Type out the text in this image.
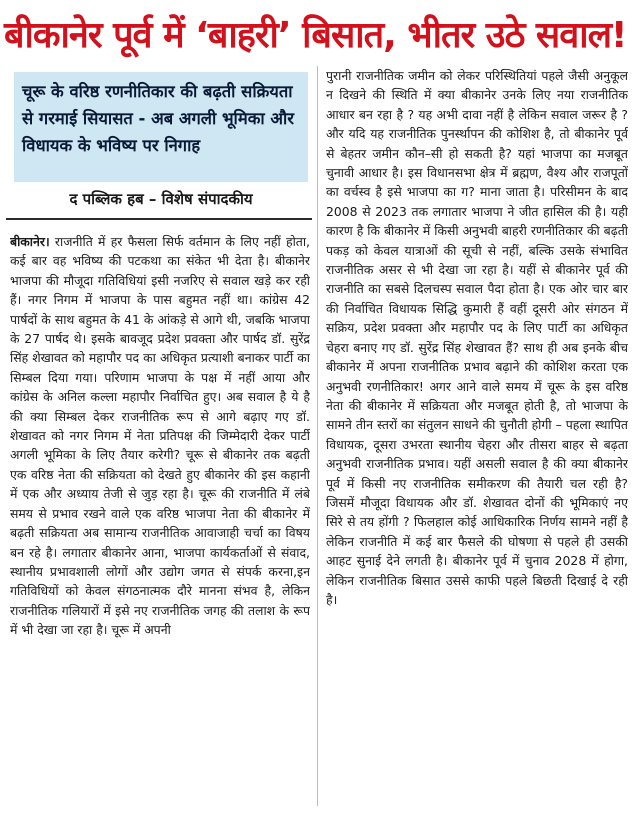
बीकानेर पूर्व में ‘बाहरी’ बिसात, भीतर उठे सवाल!

चूरू के वरिष्ठ रणनीतिकार की बढ़ती सक्रियता से गरमाई सियासत - अब अगली भूमिका और विधायक के भविष्य पर निगाह

द पब्लिक हब – विशेष संपादकीय

बीकानेर। राजनीति में हर फैसला सिर्फ वर्तमान के लिए नहीं होता, कई बार वह भविष्य की पटकथा का संकेत भी देता है। बीकानेर भाजपा की मौजूदा गतिविधियां इसी नजरिए से सवाल खड़े कर रही हैं। नगर निगम में भाजपा के पास बहुमत नहीं था। कांग्रेस 42 पार्षदों के साथ बहुमत के 41 के आंकड़े से आगे थी, जबकि भाजपा के 27 पार्षद थे। इसके बावजूद प्रदेश प्रवक्ता और पार्षद डॉ. सुरेंद्र सिंह शेखावत को महापौर पद का अधिकृत प्रत्याशी बनाकर पार्टी का सिम्बल दिया गया। परिणाम भाजपा के पक्ष में नहीं आया और कांग्रेस के अनिल कल्ला महापौर निर्वाचित हुए। अब सवाल है ये है की क्या सिम्बल देकर राजनीतिक रूप से आगे बढ़ाए गए डॉ. शेखावत को नगर निगम में नेता प्रतिपक्ष की जिम्मेदारी देकर पार्टी अगली भूमिका के लिए तैयार करेगी? चूरू से बीकानेर तक बढ़ती एक वरिष्ठ नेता की सक्रियता को देखते हुए बीकानेर की इस कहानी में एक और अध्याय तेजी से जुड़ रहा है। चूरू की राजनीति में लंबे समय से प्रभाव रखने वाले एक वरिष्ठ भाजपा नेता की बीकानेर में बढ़ती सक्रियता अब सामान्य राजनीतिक आवाजाही चर्चा का विषय बन रहे है। लगातार बीकानेर आना, भाजपा कार्यकर्ताओं से संवाद, स्थानीय प्रभावशाली लोगों और उद्योग जगत से संपर्क करना,इन गतिविधियों को केवल संगठनात्मक दौरे मानना संभव है, लेकिन राजनीतिक गलियारों में इसे नए राजनीतिक जगह की तलाश के रूप में भी देखा जा रहा है। चूरू में अपनी

पुरानी राजनीतिक जमीन को लेकर परिस्थितियां पहले जैसी अनुकूल न दिखने की स्थिति में क्या बीकानेर उनके लिए नया राजनीतिक आधार बन रहा है ? यह अभी दावा नहीं है लेकिन सवाल जरूर है ? और यदि यह राजनीतिक पुनर्स्थापन की कोशिश है, तो बीकानेर पूर्व से बेहतर जमीन कौन–सी हो सकती है? यहां भाजपा का मजबूत चुनावी आधार है। इस विधानसभा क्षेत्र में ब्रह्मण, वैश्य और राजपूतों का वर्चस्व है इसे भाजपा का ग? माना जाता है। परिसीमन के बाद 2008 से 2023 तक लगातार भाजपा ने जीत हासिल की है। यही कारण है कि बीकानेर में किसी अनुभवी बाहरी रणनीतिकार की बढ़ती पकड़ को केवल यात्राओं की सूची से नहीं, बल्कि उसके संभावित राजनीतिक असर से भी देखा जा रहा है। यहीं से बीकानेर पूर्व की राजनीति का सबसे दिलचस्प सवाल पैदा होता है। एक ओर चार बार की निर्वाचित विधायक सिद्धि कुमारी हैं वहीं दूसरी ओर संगठन में सक्रिय, प्रदेश प्रवक्ता और महापौर पद के लिए पार्टी का अधिकृत चेहरा बनाए गए डॉ. सुरेंद्र सिंह शेखावत हैं? साथ ही अब इनके बीच बीकानेर में अपना राजनीतिक प्रभाव बढ़ाने की कोशिश करता एक अनुभवी रणनीतिकार! अगर आने वाले समय में चूरू के इस वरिष्ठ नेता की बीकानेर में सक्रियता और मजबूत होती है, तो भाजपा के सामने तीन स्तरों का संतुलन साधने की चुनौती होगी – पहला स्थापित विधायक, दूसरा उभरता स्थानीय चेहरा और तीसरा बाहर से बढ़ता अनुभवी राजनीतिक प्रभाव। यहीं असली सवाल है की क्या बीकानेर पूर्व में किसी नए राजनीतिक समीकरण की तैयारी चल रही है? जिसमें मौजूदा विधायक और डॉ. शेखावत दोनों की भूमिकाएं नए सिरे से तय होंगी ? फिलहाल कोई आधिकारिक निर्णय सामने नहीं है लेकिन राजनीति में कई बार फैसले की घोषणा से पहले ही उसकी आहट सुनाई देने लगती है। बीकानेर पूर्व में चुनाव 2028 में होगा, लेकिन राजनीतिक बिसात उससे काफी पहले बिछती दिखाई दे रही है।
